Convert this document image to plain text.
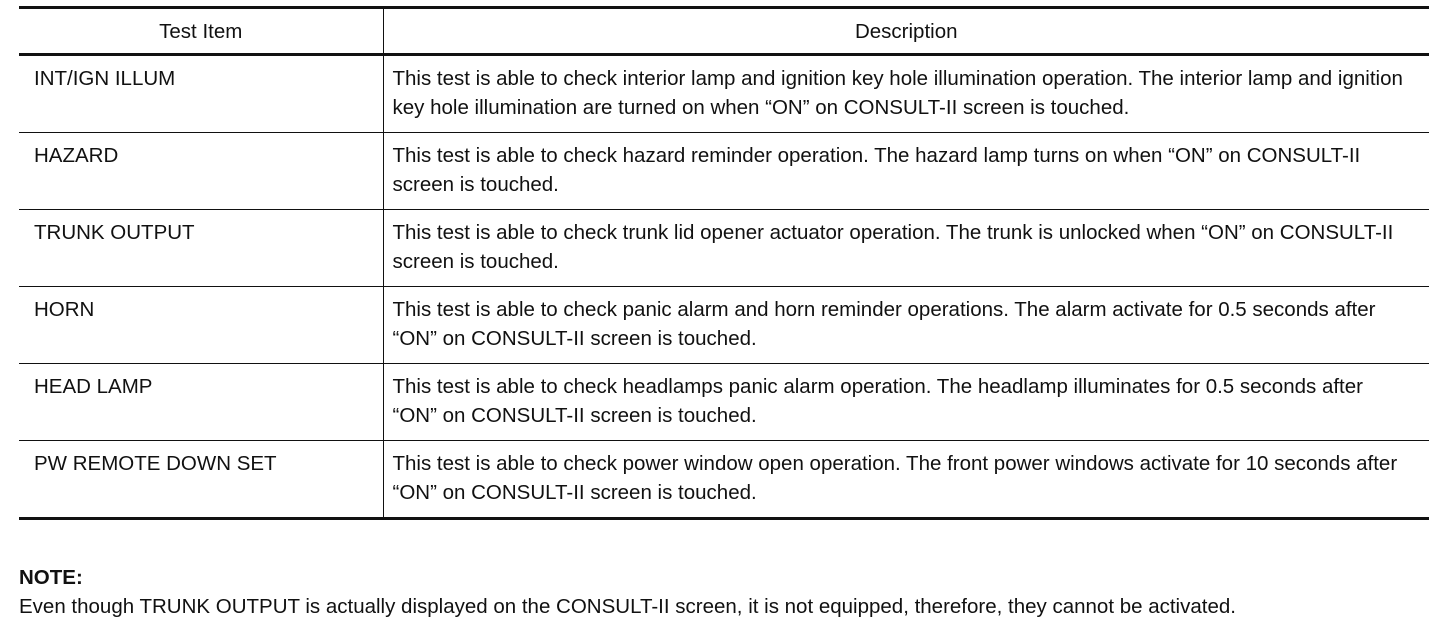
Test Item	Description
INT/IGN ILLUM	This test is able to check interior lamp and ignition key hole illumination operation. The interior lamp and ignition key hole illumination are turned on when “ON” on CONSULT-II screen is touched.
HAZARD	This test is able to check hazard reminder operation. The hazard lamp turns on when “ON” on CONSULT-II screen is touched.
TRUNK OUTPUT	This test is able to check trunk lid opener actuator operation. The trunk is unlocked when “ON” on CONSULT-II screen is touched.
HORN	This test is able to check panic alarm and horn reminder operations. The alarm activate for 0.5 seconds after “ON” on CONSULT-II screen is touched.
HEAD LAMP	This test is able to check headlamps panic alarm operation. The headlamp illuminates for 0.5 seconds after “ON” on CONSULT-II screen is touched.
PW REMOTE DOWN SET	This test is able to check power window open operation. The front power windows activate for 10 seconds after “ON” on CONSULT-II screen is touched.
NOTE:
Even though TRUNK OUTPUT is actually displayed on the CONSULT-II screen, it is not equipped, therefore, they cannot be activated.
